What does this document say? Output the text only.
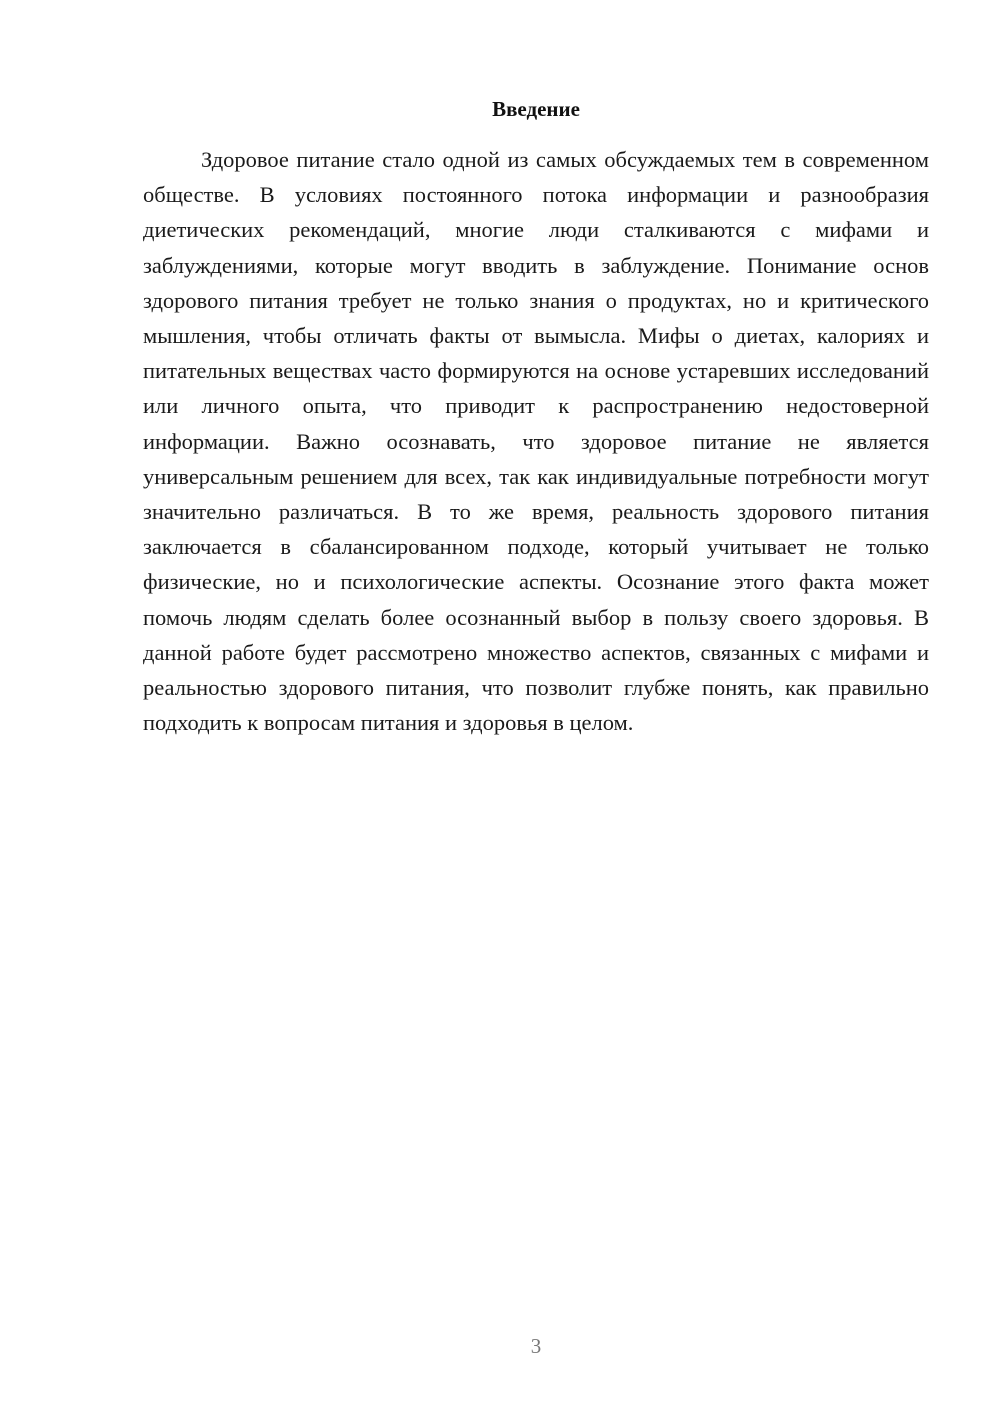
Введение

Здоровое питание стало одной из самых обсуждаемых тем в современном обществе. В условиях постоянного потока информации и разнообразия диетических рекомендаций, многие люди сталкиваются с мифами и заблуждениями, которые могут вводить в заблуждение. Понимание основ здорового питания требует не только знания о продуктах, но и критического мышления, чтобы отличать факты от вымысла. Мифы о диетах, калориях и питательных веществах часто формируются на основе устаревших исследований или личного опыта, что приводит к распространению недостоверной информации. Важно осознавать, что здоровое питание не является универсальным решением для всех, так как индивидуальные потребности могут значительно различаться. В то же время, реальность здорового питания заключается в сбалансированном подходе, который учитывает не только физические, но и психологические аспекты. Осознание этого факта может помочь людям сделать более осознанный выбор в пользу своего здоровья. В данной работе будет рассмотрено множество аспектов, связанных с мифами и реальностью здорового питания, что позволит глубже понять, как правильно подходить к вопросам питания и здоровья в целом.

3
